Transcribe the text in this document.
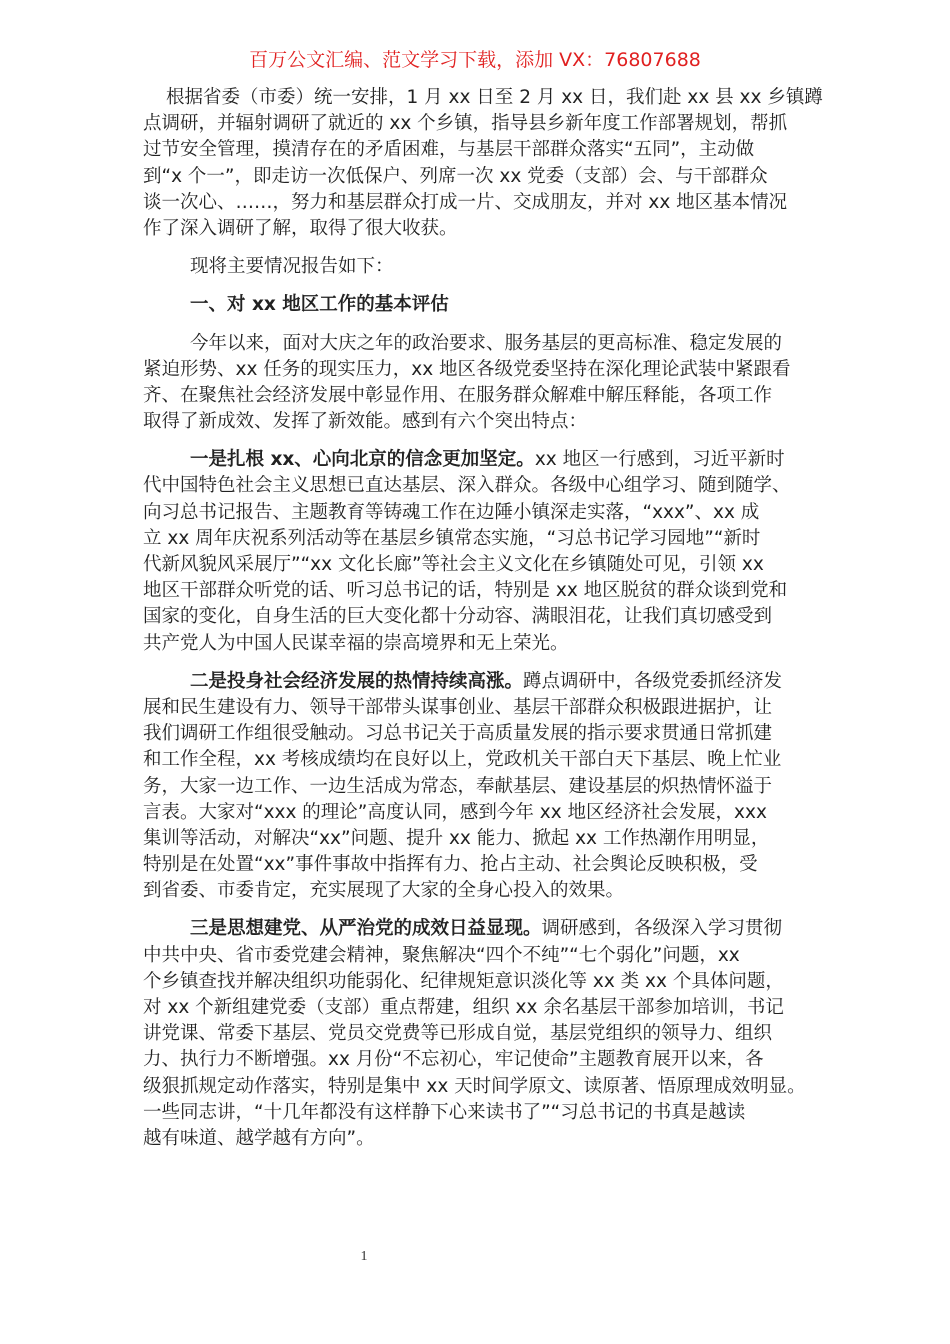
百万公文汇编、范文学习下载，添加 VX：76807688
根据省委（市委）统一安排，1 月 xx 日至 2 月 xx 日，我们赴 xx 县 xx 乡镇蹲
点调研，并辐射调研了就近的 xx 个乡镇，指导县乡新年度工作部署规划，帮抓
过节安全管理，摸清存在的矛盾困难，与基层干部群众落实“五同”，主动做
到“x 个一”，即走访一次低保户、列席一次 xx 党委（支部）会、与干部群众
谈一次心、……，努力和基层群众打成一片、交成朋友，并对 xx 地区基本情况
作了深入调研了解，取得了很大收获。
现将主要情况报告如下：
一、对 xx 地区工作的基本评估
今年以来，面对大庆之年的政治要求、服务基层的更高标准、稳定发展的
紧迫形势、xx 任务的现实压力，xx 地区各级党委坚持在深化理论武装中紧跟看
齐、在聚焦社会经济发展中彰显作用、在服务群众解难中解压释能，各项工作
取得了新成效、发挥了新效能。感到有六个突出特点：
一是扎根 xx、心向北京的信念更加坚定。xx 地区一行感到，习近平新时
代中国特色社会主义思想已直达基层、深入群众。各级中心组学习、随到随学、
向习总书记报告、主题教育等铸魂工作在边陲小镇深走实落，“xxx”、xx 成
立 xx 周年庆祝系列活动等在基层乡镇常态实施，“习总书记学习园地”“新时
代新风貌风采展厅”“xx 文化长廊”等社会主义文化在乡镇随处可见，引领 xx
地区干部群众听党的话、听习总书记的话，特别是 xx 地区脱贫的群众谈到党和
国家的变化，自身生活的巨大变化都十分动容、满眼泪花，让我们真切感受到
共产党人为中国人民谋幸福的崇高境界和无上荣光。
二是投身社会经济发展的热情持续高涨。蹲点调研中，各级党委抓经济发
展和民生建设有力、领导干部带头谋事创业、基层干部群众积极跟进据护，让
我们调研工作组很受触动。习总书记关于高质量发展的指示要求贯通日常抓建
和工作全程，xx 考核成绩均在良好以上，党政机关干部白天下基层、晚上忙业
务，大家一边工作、一边生活成为常态，奉献基层、建设基层的炽热情怀溢于
言表。大家对“xxx 的理论”高度认同，感到今年 xx 地区经济社会发展，xxx
集训等活动，对解决“xx”问题、提升 xx 能力、掀起 xx 工作热潮作用明显，
特别是在处置“xx”事件事故中指挥有力、抢占主动、社会舆论反映积极，受
到省委、市委肯定，充实展现了大家的全身心投入的效果。
三是思想建党、从严治党的成效日益显现。调研感到，各级深入学习贯彻
中共中央、省市委党建会精神，聚焦解决“四个不纯”“七个弱化”问题，xx
个乡镇查找并解决组织功能弱化、纪律规矩意识淡化等 xx 类 xx 个具体问题，
对 xx 个新组建党委（支部）重点帮建，组织 xx 余名基层干部参加培训，书记
讲党课、常委下基层、党员交党费等已形成自觉，基层党组织的领导力、组织
力、执行力不断增强。xx 月份“不忘初心，牢记使命”主题教育展开以来，各
级狠抓规定动作落实，特别是集中 xx 天时间学原文、读原著、悟原理成效明显。
一些同志讲，“十几年都没有这样静下心来读书了”“习总书记的书真是越读
越有味道、越学越有方向”。
1
